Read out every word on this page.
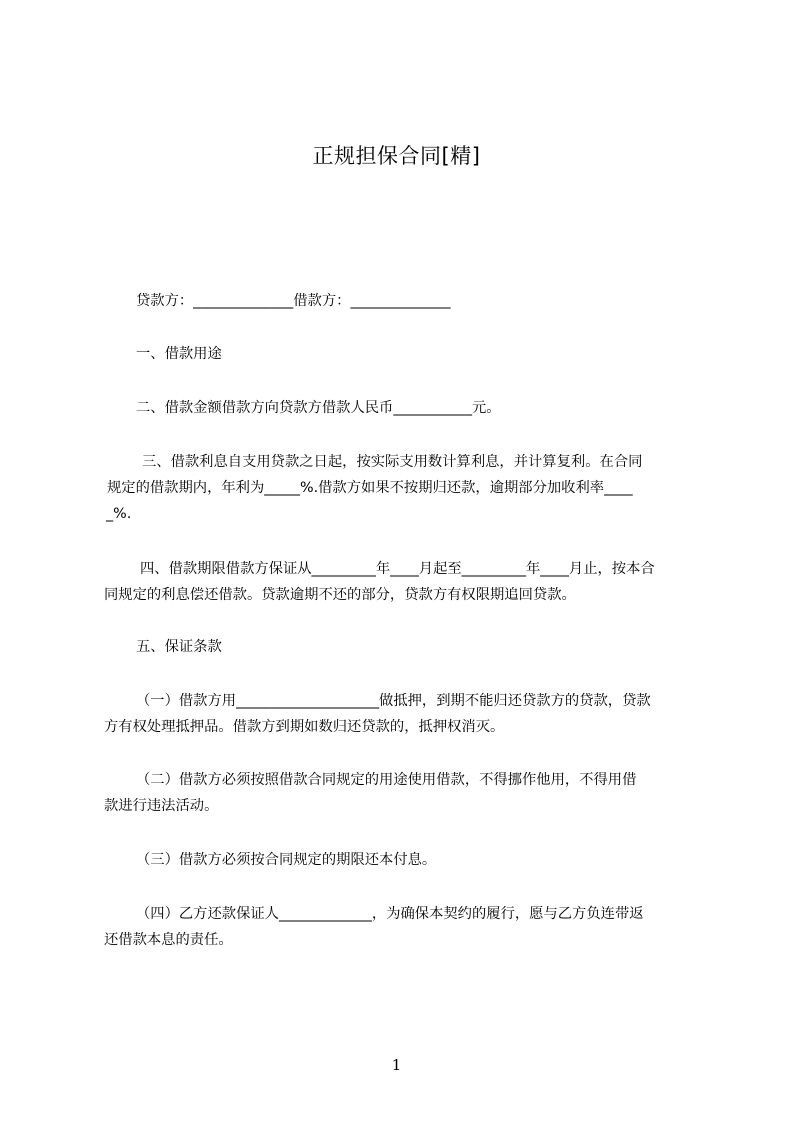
正规担保合同[精]
贷款方：______________借款方：______________
一、借款用途
二、借款金额借款方向贷款方借款人民币___________元。
三、借款利息自支用贷款之日起，按实际支用数计算利息，并计算复利。在合同
规定的借款期内，年利为_____%.借款方如果不按期归还款，逾期部分加收利率____
_%.
四、借款期限借款方保证从_________年____月起至_________年____月止，按本合
同规定的利息偿还借款。贷款逾期不还的部分，贷款方有权限期追回贷款。
五、保证条款
（一）借款方用____________________做抵押，到期不能归还贷款方的贷款，贷款
方有权处理抵押品。借款方到期如数归还贷款的，抵押权消灭。
（二）借款方必须按照借款合同规定的用途使用借款，不得挪作他用，不得用借
款进行违法活动。
（三）借款方必须按合同规定的期限还本付息。
（四）乙方还款保证人_____________，为确保本契约的履行，愿与乙方负连带返
还借款本息的责任。
1
